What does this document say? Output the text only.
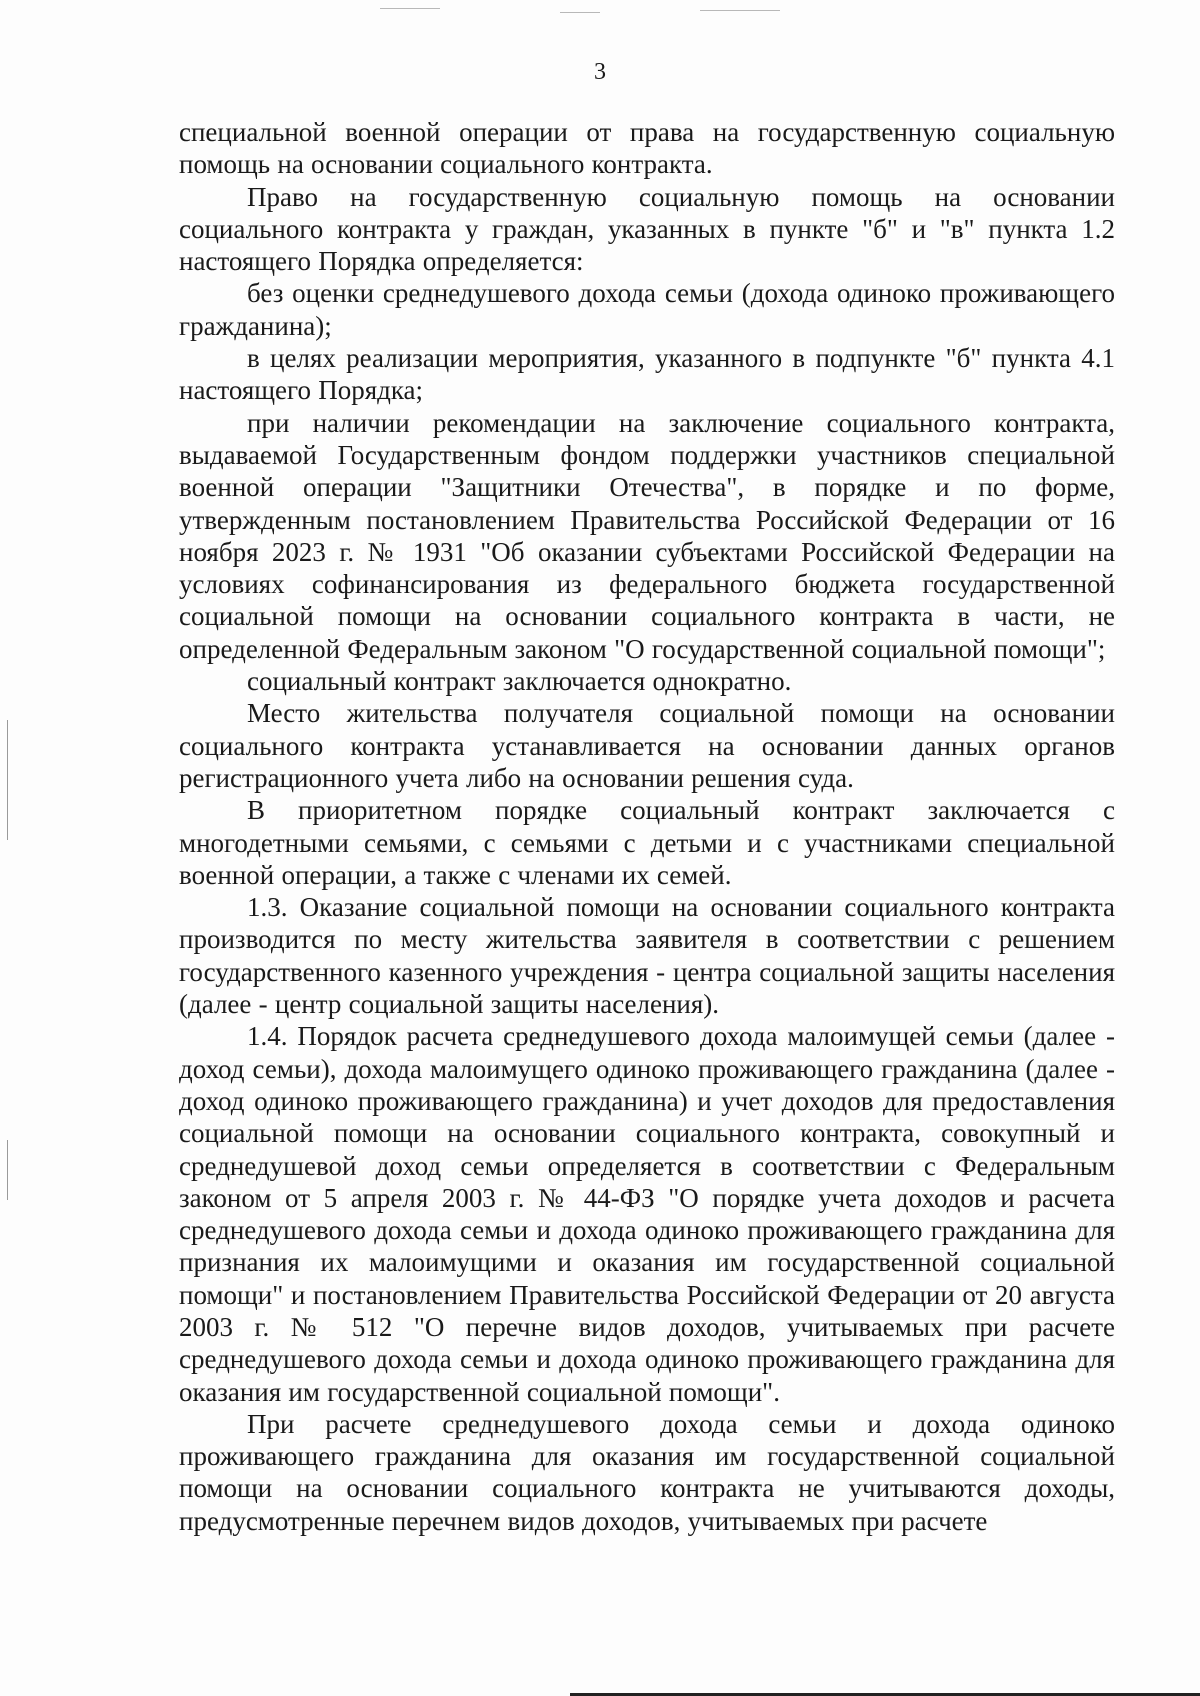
3

специальной военной операции от права на государственную социальную помощь на основании социального контракта.

Право на государственную социальную помощь на основании социального контракта у граждан, указанных в пункте "б" и "в" пункта 1.2 настоящего Порядка определяется:

без оценки среднедушевого дохода семьи (дохода одиноко проживающего гражданина);

в целях реализации мероприятия, указанного в подпункте "б" пункта 4.1 настоящего Порядка;

при наличии рекомендации на заключение социального контракта, выдаваемой Государственным фондом поддержки участников специальной военной операции "Защитники Отечества", в порядке и по форме, утвержденным постановлением Правительства Российской Федерации от 16 ноября 2023 г. № 1931 "Об оказании субъектами Российской Федерации на условиях софинансирования из федерального бюджета государственной социальной помощи на основании социального контракта в части, не определенной Федеральным законом "О государственной социальной помощи";

социальный контракт заключается однократно.

Место жительства получателя социальной помощи на основании социального контракта устанавливается на основании данных органов регистрационного учета либо на основании решения суда.

В приоритетном порядке социальный контракт заключается с многодетными семьями, с семьями с детьми и с участниками специальной военной операции, а также с членами их семей.

1.3. Оказание социальной помощи на основании социального контракта производится по месту жительства заявителя в соответствии с решением государственного казенного учреждения - центра социальной защиты населения (далее - центр социальной защиты населения).

1.4. Порядок расчета среднедушевого дохода малоимущей семьи (далее - доход семьи), дохода малоимущего одиноко проживающего гражданина (далее - доход одиноко проживающего гражданина) и учет доходов для предоставления социальной помощи на основании социального контракта, совокупный и среднедушевой доход семьи определяется в соответствии с Федеральным законом от 5 апреля 2003 г. № 44-ФЗ "О порядке учета доходов и расчета среднедушевого дохода семьи и дохода одиноко проживающего гражданина для признания их малоимущими и оказания им государственной социальной помощи" и постановлением Правительства Российской Федерации от 20 августа 2003 г. № 512 "О перечне видов доходов, учитываемых при расчете среднедушевого дохода семьи и дохода одиноко проживающего гражданина для оказания им государственной социальной помощи".

При расчете среднедушевого дохода семьи и дохода одиноко проживающего гражданина для оказания им государственной социальной помощи на основании социального контракта не учитываются доходы, предусмотренные перечнем видов доходов, учитываемых при расчете
